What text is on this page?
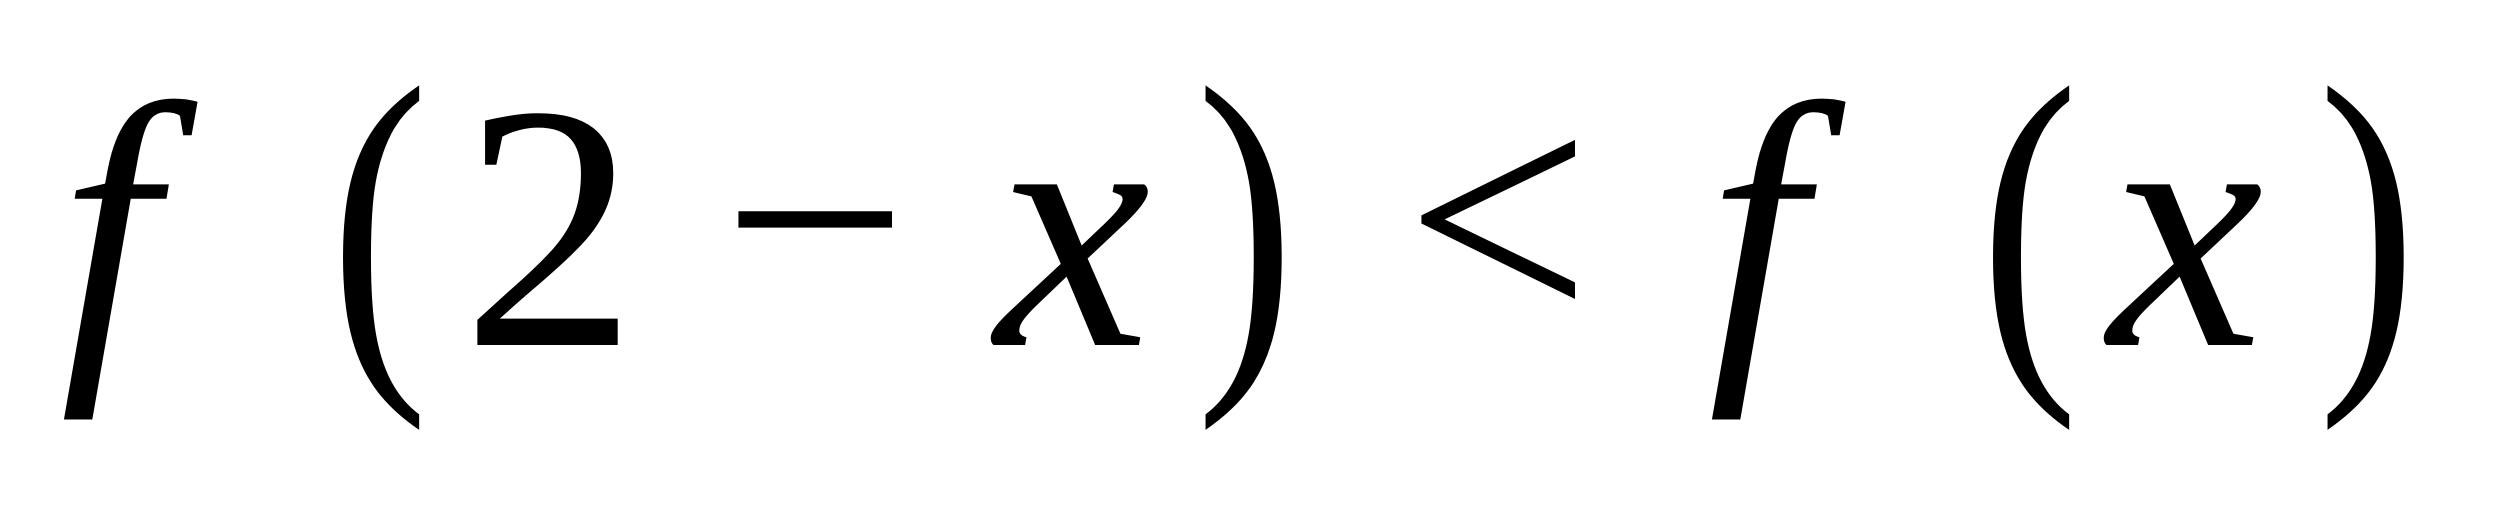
f ( 2 − x ) < f ( x )
